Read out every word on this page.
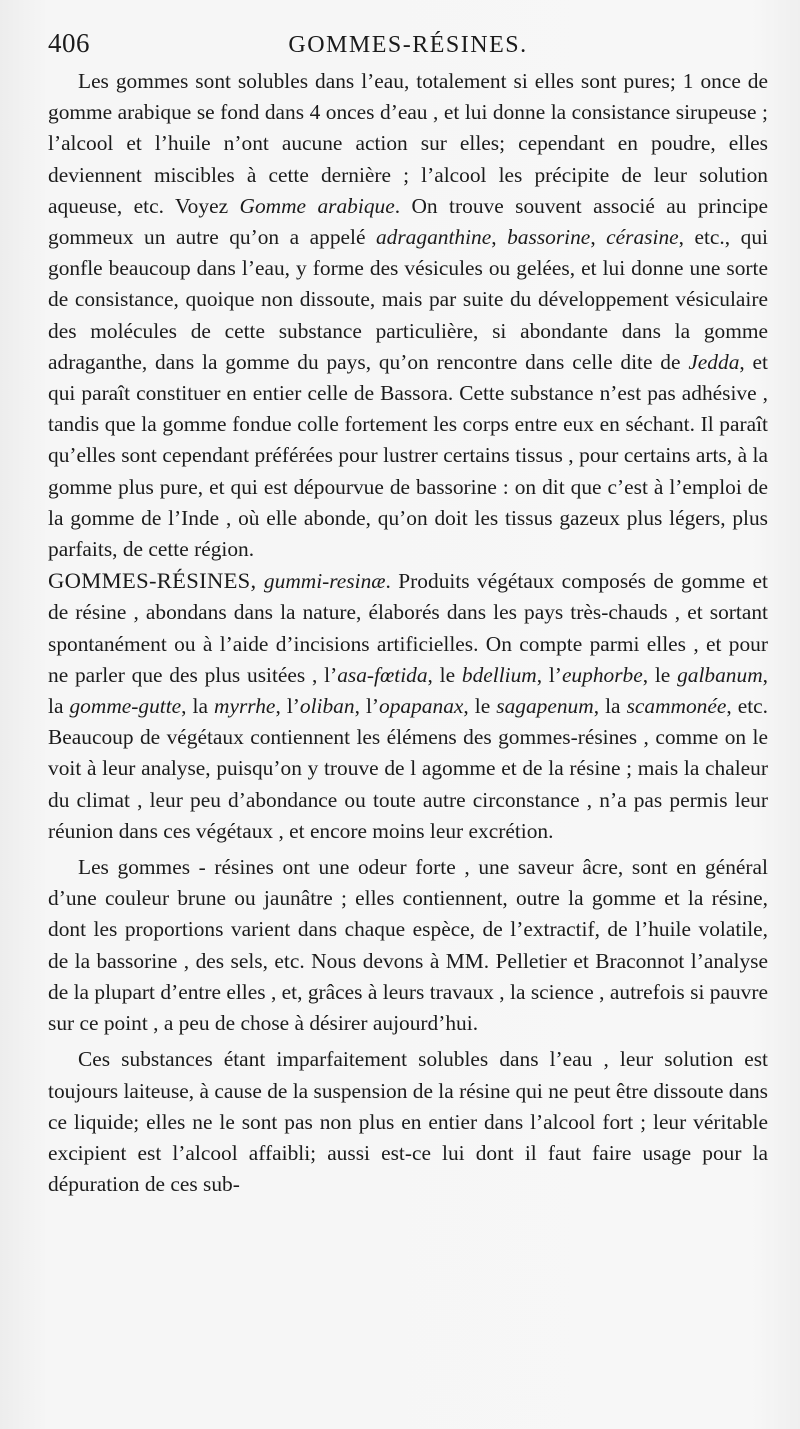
406	GOMMES-RÉSINES.

Les gommes sont solubles dans l’eau, totalement si elles sont pures; 1 once de gomme arabique se fond dans 4 onces d’eau , et lui donne la consistance sirupeuse ; l’alcool et l’huile n’ont aucune action sur elles; cependant en poudre, elles deviennent miscibles à cette dernière ; l’alcool les précipite de leur solution aqueuse, etc. Voyez Gomme arabique. On trouve souvent associé au principe gommeux un autre qu’on a appelé adraganthine, bassorine, cérasine, etc., qui gonfle beaucoup dans l’eau, y forme des vésicules ou gelées, et lui donne une sorte de consistance, quoique non dissoute, mais par suite du développement vésiculaire des molécules de cette substance particulière, si abondante dans la gomme adraganthe, dans la gomme du pays, qu’on rencontre dans celle dite de Jedda, et qui paraît constituer en entier celle de Bassora. Cette substance n’est pas adhésive , tandis que la gomme fondue colle fortement les corps entre eux en séchant. Il paraît qu’elles sont cependant préférées pour lustrer certains tissus , pour certains arts, à la gomme plus pure, et qui est dépourvue de bassorine : on dit que c’est à l’emploi de la gomme de l’Inde , où elle abonde, qu’on doit les tissus gazeux plus légers, plus parfaits, de cette région.

GOMMES-RÉSINES, gummi-resinæ. Produits végétaux composés de gomme et de résine , abondans dans la nature, élaborés dans les pays très-chauds , et sortant spontanément ou à l’aide d’incisions artificielles. On compte parmi elles , et pour ne parler que des plus usitées , l’asa-fœtida, le bdellium, l’euphorbe, le galbanum, la gomme-gutte, la myrrhe, l’oliban, l’opapanax, le sagapenum, la scammonée, etc. Beaucoup de végétaux contiennent les élémens des gommes-résines , comme on le voit à leur analyse, puisqu’on y trouve de l agomme et de la résine ; mais la chaleur du climat , leur peu d’abondance ou toute autre circonstance , n’a pas permis leur réunion dans ces végétaux , et encore moins leur excrétion.

Les gommes - résines ont une odeur forte , une saveur âcre, sont en général d’une couleur brune ou jaunâtre ; elles contiennent, outre la gomme et la résine, dont les proportions varient dans chaque espèce, de l’extractif, de l’huile volatile, de la bassorine , des sels, etc. Nous devons à MM. Pelletier et Braconnot l’analyse de la plupart d’entre elles , et, grâces à leurs travaux , la science , autrefois si pauvre sur ce point , a peu de chose à désirer aujourd’hui.

Ces substances étant imparfaitement solubles dans l’eau , leur solution est toujours laiteuse, à cause de la suspension de la résine qui ne peut être dissoute dans ce liquide; elles ne le sont pas non plus en entier dans l’alcool fort ; leur véritable excipient est l’alcool affaibli; aussi est-ce lui dont il faut faire usage pour la dépuration de ces sub-
